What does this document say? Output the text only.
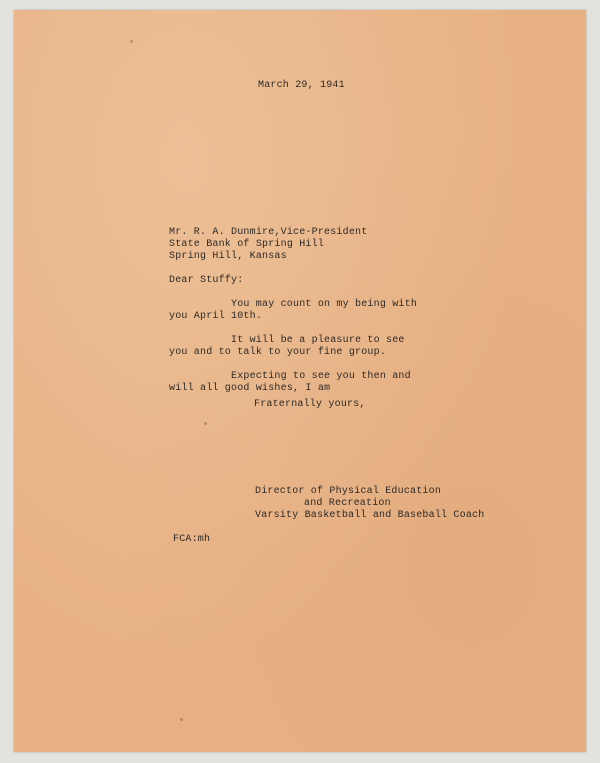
March 29, 1941

Mr. R. A. Dunmire,Vice-President

State Bank of Spring Hill

Spring Hill, Kansas

Dear Stuffy:

You may count on my being with

you April 10th.

It will be a pleasure to see

you and to talk to your fine group.

Expecting to see you then and

will all good wishes, I am

Fraternally yours,

Director of Physical Education

and Recreation

Varsity Basketball and Baseball Coach

FCA:mh
